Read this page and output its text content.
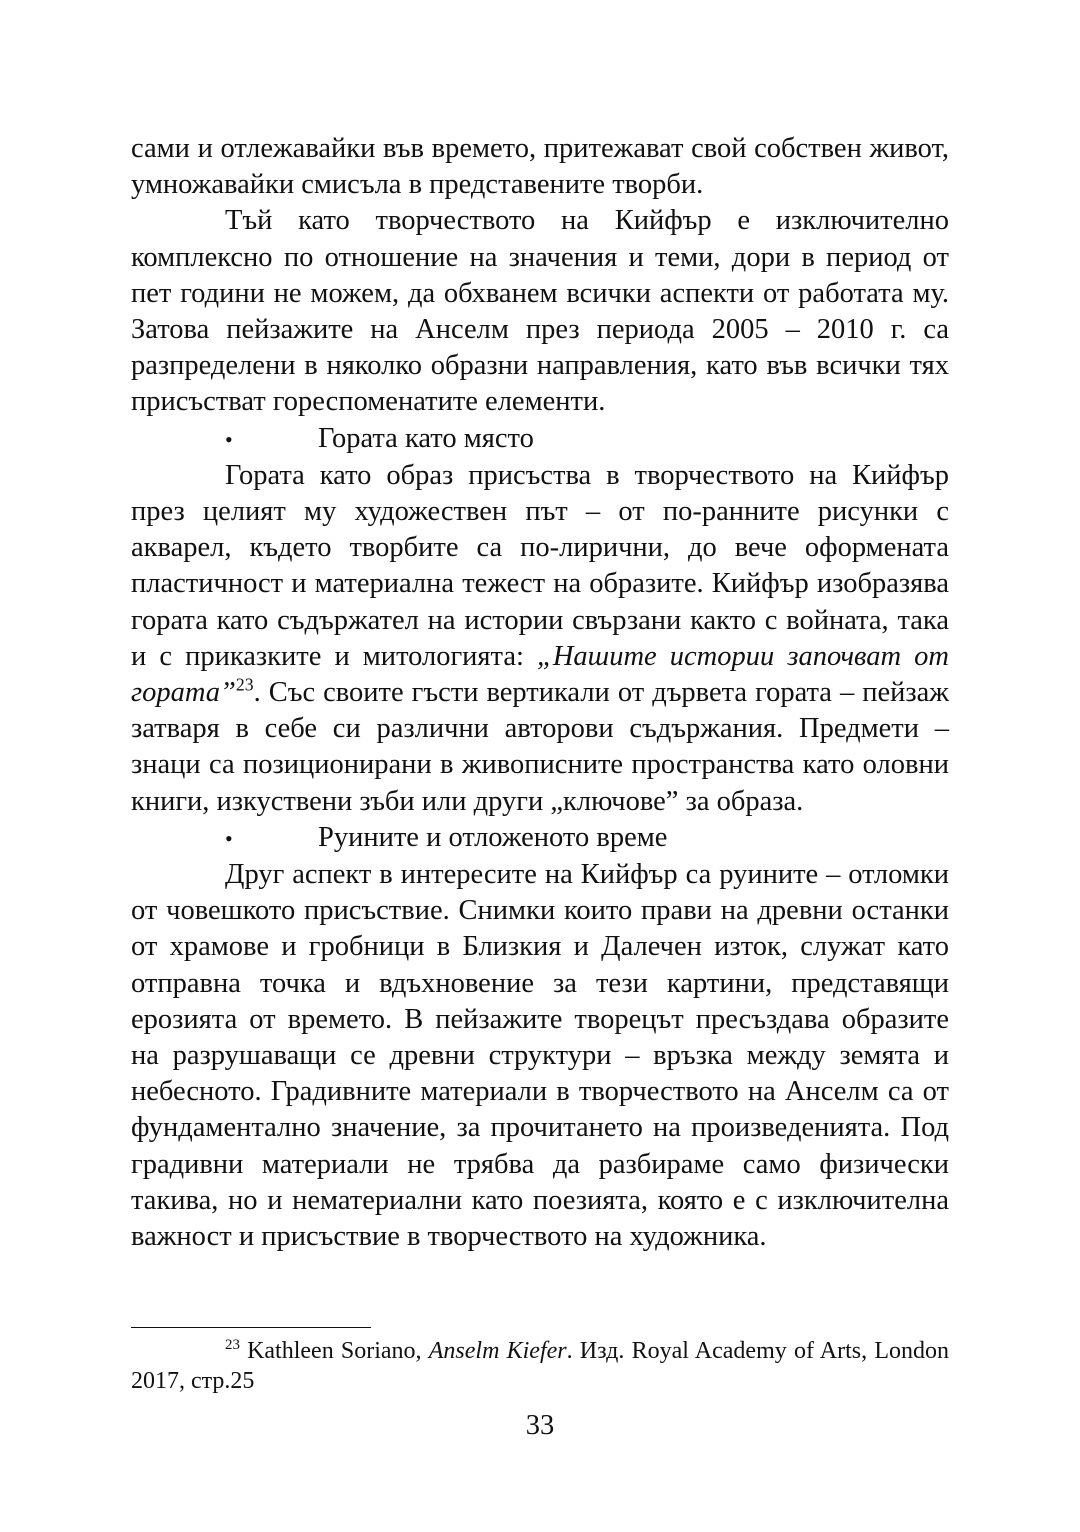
сами и отлежавайки във времето, притежават свой собствен живот, умножавайки смисъла в представените творби.

Тъй като творчеството на Кийфър е изключително комплексно по отношение на значения и теми, дори в период от пет години не можем, да обхванем всички аспекти от работата му. Затова пейзажите на Анселм през периода 2005 – 2010 г. са разпределени в няколко образни направления, като във всички тях присъстват гореспоменатите елементи.

•	Гората като място

Гората като образ присъства в творчеството на Кийфър през целият му художествен път – от по-ранните рисунки с акварел, където творбите са по-лирични, до вече оформената пластичност и материална тежест на образите. Кийфър изобразява гората като съдържател на истории свързани както с войната, така и с приказките и митологията: „Нашите истории започват от гората”$^{23}$. Със своите гъсти вертикали от дървета гората – пейзаж затваря в себе си различни авторови съдържания. Предмети – знаци са позиционирани в живописните пространства като оловни книги, изкуствени зъби или други „ключове” за образа.

•	Руините и отложеното време

Друг аспект в интересите на Кийфър са руините – отломки от човешкото присъствие. Снимки които прави на древни останки от храмове и гробници в Близкия и Далечен изток, служат като отправна точка и вдъхновение за тези картини, представящи ерозията от времето. В пейзажите творецът пресъздава образите на разрушаващи се древни структури – връзка между земята и небесното. Градивните материали в творчеството на Анселм са от фундаментално значение, за прочитането на произведенията. Под градивни материали не трябва да разбираме само физически такива, но и нематериални като поезията, която е с изключителна важност и присъствие в творчеството на художника.

$^{23}$ Kathleen Soriano, Anselm Kiefer. Изд. Royal Academy of Arts, London 2017, стр.25

33
